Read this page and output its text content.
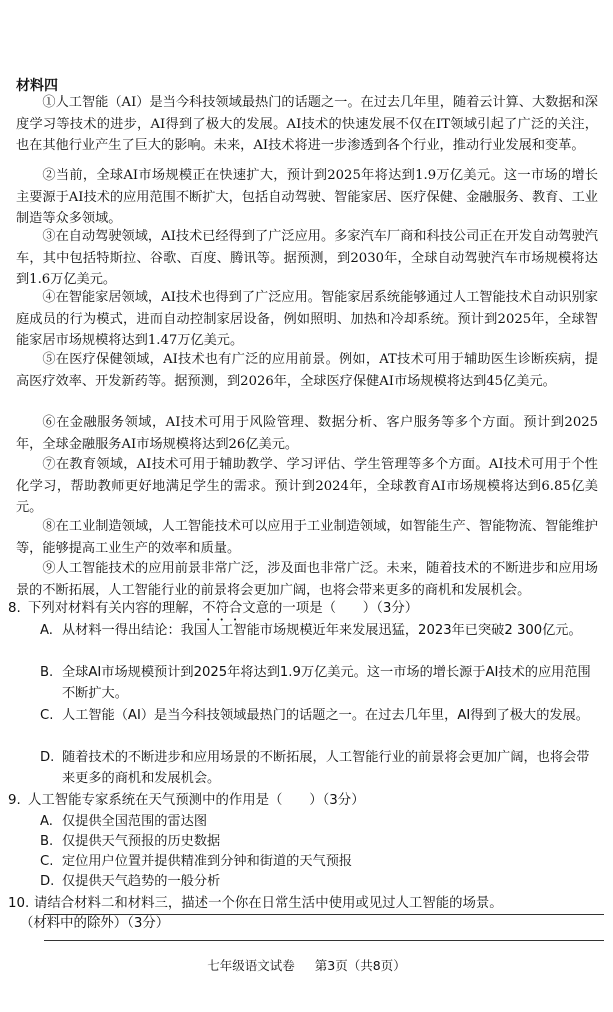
材料四

①人工智能（AI）是当今科技领域最热门的话题之一。在过去几年里，随着云计算、大数据和深度学习等技术的进步，AI得到了极大的发展。AI技术的快速发展不仅在IT领域引起了广泛的关注，也在其他行业产生了巨大的影响。未来，AI技术将进一步渗透到各个行业，推动行业发展和变革。

②当前，全球AI市场规模正在快速扩大，预计到2025年将达到1.9万亿美元。这一市场的增长主要源于AI技术的应用范围不断扩大，包括自动驾驶、智能家居、医疗保健、金融服务、教育、工业制造等众多领域。

③在自动驾驶领域，AI技术已经得到了广泛应用。多家汽车厂商和科技公司正在开发自动驾驶汽车，其中包括特斯拉、谷歌、百度、腾讯等。据预测，到2030年，全球自动驾驶汽车市场规模将达到1.6万亿美元。

④在智能家居领域，AI技术也得到了广泛应用。智能家居系统能够通过人工智能技术自动识别家庭成员的行为模式，进而自动控制家居设备，例如照明、加热和冷却系统。预计到2025年，全球智能家居市场规模将达到1.47万亿美元。

⑤在医疗保健领域，AI技术也有广泛的应用前景。例如，AT技术可用于辅助医生诊断疾病，提高医疗效率、开发新药等。据预测，到2026年，全球医疗保健AI市场规模将达到45亿美元。

⑥在金融服务领域，AI技术可用于风险管理、数据分析、客户服务等多个方面。预计到2025年，全球金融服务AI市场规模将达到26亿美元。

⑦在教育领域，AI技术可用于辅助教学、学习评估、学生管理等多个方面。AI技术可用于个性化学习，帮助教师更好地满足学生的需求。预计到2024年，全球教育AI市场规模将达到6.85亿美元。

⑧在工业制造领域，人工智能技术可以应用于工业制造领域，如智能生产、智能物流、智能维护等，能够提高工业生产的效率和质量。

⑨人工智能技术的应用前景非常广泛，涉及面也非常广泛。未来，随着技术的不断进步和应用场景的不断拓展，人工智能行业的前景将会更加广阔，也将会带来更多的商机和发展机会。

8. 下列对材料有关内容的理解，不符合文意的一项是（　　）（3分）

A. 从材料一得出结论：我国人工智能市场规模近年来发展迅猛，2023年已突破2 300亿元。
B. 全球AI市场规模预计到2025年将达到1.9万亿美元。这一市场的增长源于AI技术的应用范围不断扩大。
C. 人工智能（AI）是当今科技领域最热门的话题之一。在过去几年里，AI得到了极大的发展。
D. 随着技术的不断进步和应用场景的不断拓展，人工智能行业的前景将会更加广阔，也将会带来更多的商机和发展机会。

9. 人工智能专家系统在天气预测中的作用是（　　）（3分）

A. 仅提供全国范围的雷达图
B. 仅提供天气预报的历史数据
C. 定位用户位置并提供精准到分钟和街道的天气预报
D. 仅提供天气趋势的一般分析

10. 请结合材料二和材料三，描述一个你在日常生活中使用或见过人工智能的场景。

（材料中的除外）（3分）

七年级语文试卷 第3页（共8页）
